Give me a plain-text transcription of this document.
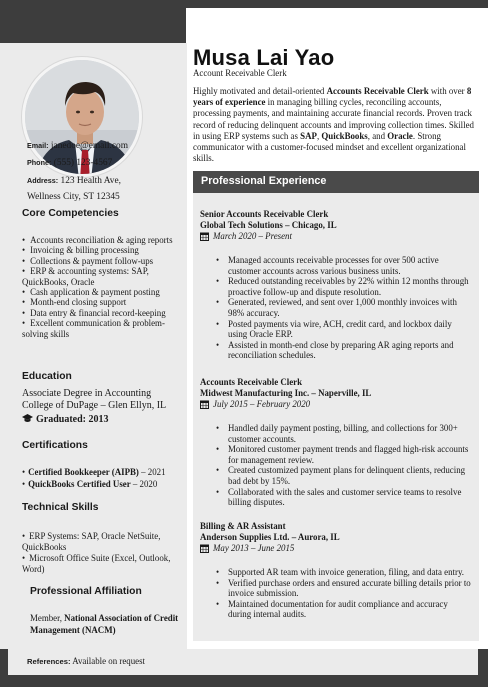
Email: janedoe@email.com
Phone: (555) 123-4567
Address: 123 Health Ave,
Wellness City, ST 12345
Core Competencies
• Accounts reconciliation & aging reports
• Invoicing & billing processing
• Collections & payment follow-ups
• ERP & accounting systems: SAP, QuickBooks, Oracle
• Cash application & payment posting
• Month-end closing support
• Data entry & financial record-keeping
• Excellent communication & problem-solving skills
Education
Associate Degree in Accounting College of DuPage – Glen Ellyn, IL
Graduated: 2013
Certifications
• Certified Bookkeeper (AIPB) – 2021
• QuickBooks Certified User – 2020
Technical Skills
• ERP Systems: SAP, Oracle NetSuite, QuickBooks
• Microsoft Office Suite (Excel, Outlook, Word)
Professional Affiliation
Member, National Association of Credit Management (NACM)
Musa Lai Yao
Account Receivable Clerk
Highly motivated and detail-oriented Accounts Receivable Clerk with over 8 years of experience in managing billing cycles, reconciling accounts, processing payments, and maintaining accurate financial records. Proven track record of reducing delinquent accounts and improving collection times. Skilled in using ERP systems such as SAP, QuickBooks, and Oracle. Strong communicator with a customer-focused mindset and excellent organizational skills.
Professional Experience
Senior Accounts Receivable Clerk
Global Tech Solutions – Chicago, IL
March 2020 – Present
• Managed accounts receivable processes for over 500 active customer accounts across various business units.
• Reduced outstanding receivables by 22% within 12 months through proactive follow-up and dispute resolution.
• Generated, reviewed, and sent over 1,000 monthly invoices with 98% accuracy.
• Posted payments via wire, ACH, credit card, and lockbox daily using Oracle ERP.
• Assisted in month-end close by preparing AR aging reports and reconciliation schedules.
Accounts Receivable Clerk
Midwest Manufacturing Inc. – Naperville, IL
July 2015 – February 2020
• Handled daily payment posting, billing, and collections for 300+ customer accounts.
• Monitored customer payment trends and flagged high-risk accounts for management review.
• Created customized payment plans for delinquent clients, reducing bad debt by 15%.
• Collaborated with the sales and customer service teams to resolve billing disputes.
Billing & AR Assistant
Anderson Supplies Ltd. – Aurora, IL
May 2013 – June 2015
• Supported AR team with invoice generation, filing, and data entry.
• Verified purchase orders and ensured accurate billing details prior to invoice submission.
• Maintained documentation for audit compliance and accuracy during internal audits.
References: Available on request
